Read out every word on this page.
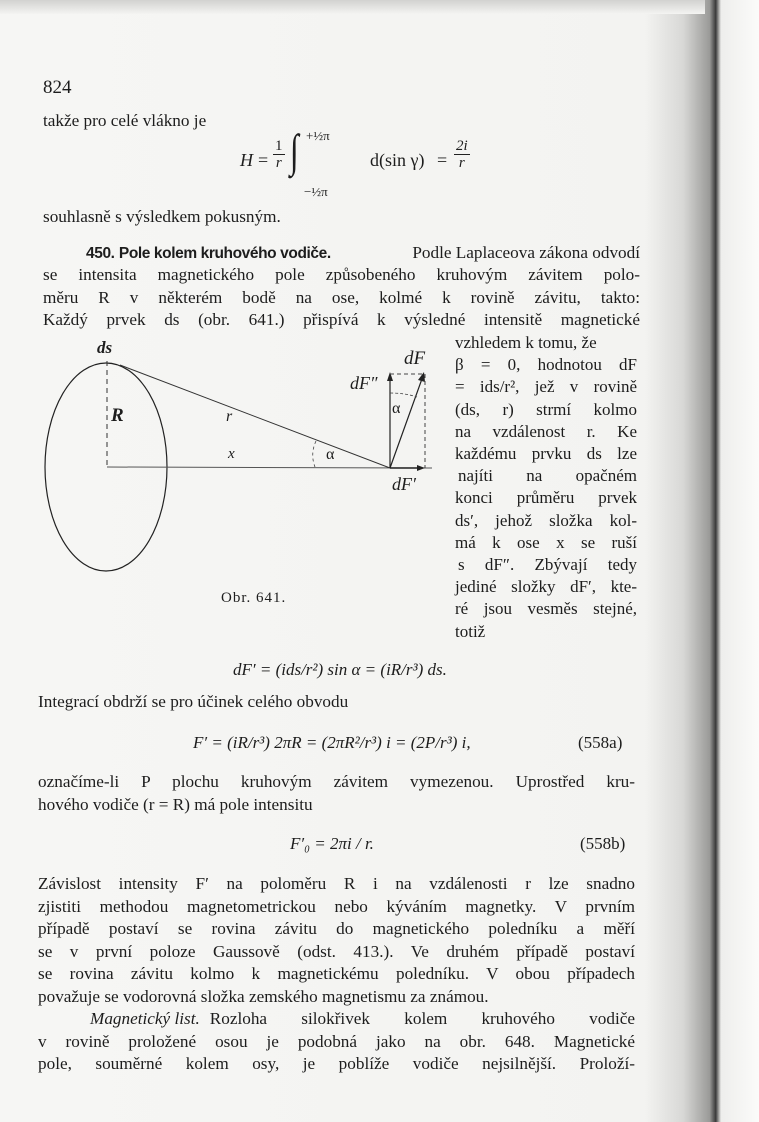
824
takže pro celé vlákno je
$H = \frac{1}{r}$ ∫ +½π
−½π
d(sin $\gamma) = \frac{2i}{r}$
souhlasně s výsledkem pokusným.
450. Pole kolem kruhového vodiče.	Podle Laplaceova zákona odvodí
se intensita magnetického pole způsobeného kruhovým závitem polo-
měru R v některém bodě na ose, kolmé k rovině závitu, takto:
Každý prvek ds (obr. 641.) přispívá k výsledné intensitě magnetické
ds
R	r
x	α
α
dF
dF″
dF′
Obr. 641.
vzhledem k tomu, že
β = 0, hodnotou dF
= ids/r², jež v rovině
(ds, r) strmí kolmo
na vzdálenost r. Ke
každému prvku ds lze
najíti na opačném
konci průměru prvek
ds′, jehož složka kol-
má k ose x se ruší
s dF″. Zbývají tedy
jediné složky dF′, kte-
ré jsou vesměs stejné,
totiž
dF′ = (ids/r²) sin α = (iR/r³) ds.
Integrací obdrží se pro účinek celého obvodu
F′ = (iR/r³) 2πR = (2πR²/r³) i = (2P/r³) i,	(558a)
označíme-li P plochu kruhovým závitem vymezenou. Uprostřed kru-
hového vodiče (r = R) má pole intensitu
F′₀ = 2πi / r.	(558b)
Závislost intensity F′ na poloměru R i na vzdálenosti r lze snadno
zjistiti methodou magnetometrickou nebo kýváním magnetky. V prvním
případě postaví se rovina závitu do magnetického poledníku a měří
se v první poloze Gaussově (odst. 413.). Ve druhém případě postaví
se rovina závitu kolmo k magnetickému poledníku. V obou případech
považuje se vodorovná složka zemského magnetismu za známou.
Magnetický list. Rozloha silokřivek kolem kruhového vodiče
v rovině proložené osou je podobná jako na obr. 648. Magnetické
pole, souměrné kolem osy, je poblíže vodiče nejsilnější. Proloží-
